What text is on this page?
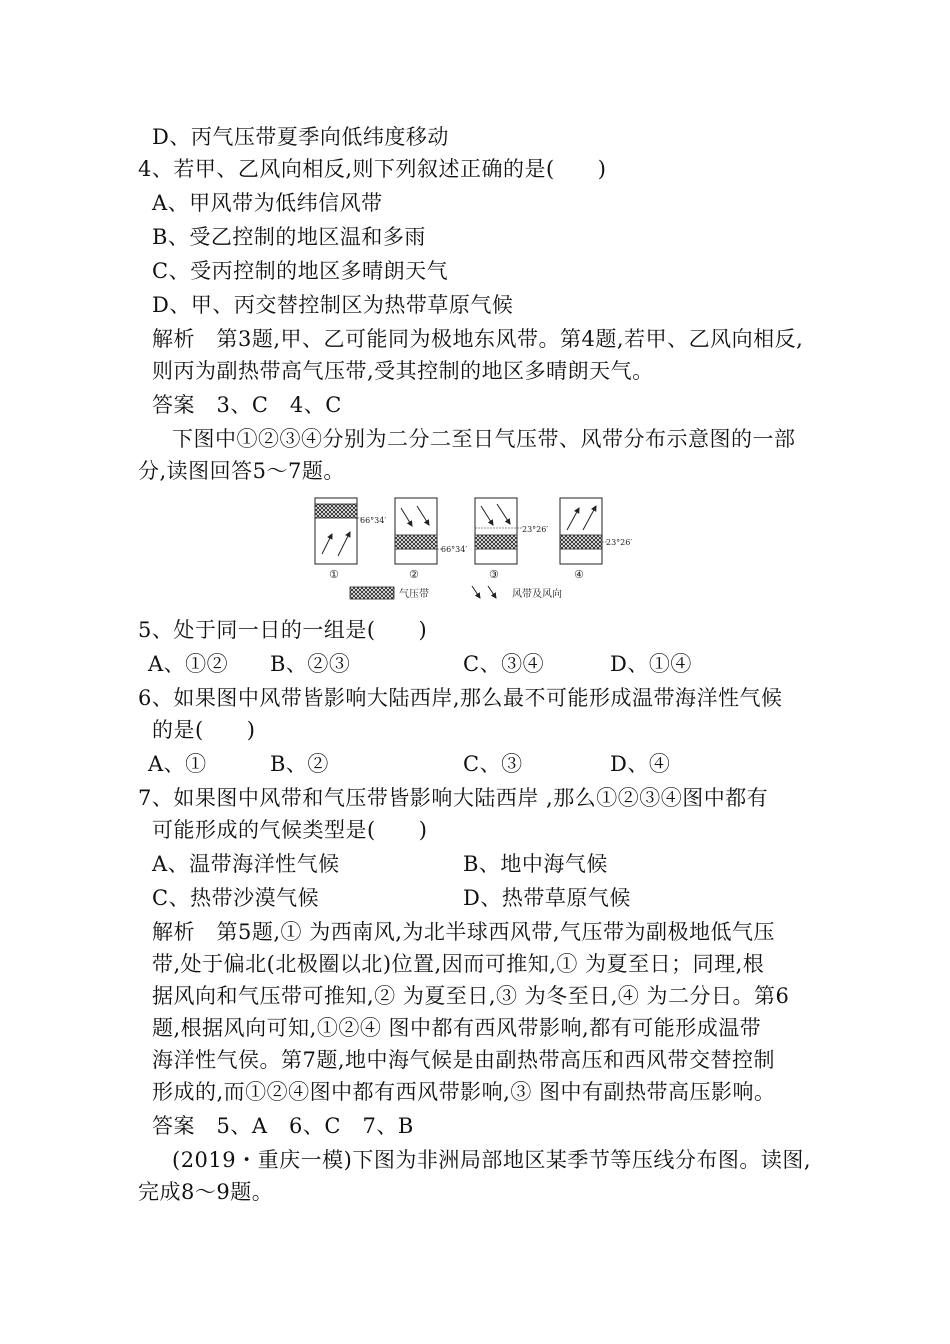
D、丙气压带夏季向低纬度移动
4、若甲、乙风向相反,则下列叙述正确的是(　　)
A、甲风带为低纬信风带
B、受乙控制的地区温和多雨
C、受丙控制的地区多晴朗天气
D、甲、丙交替控制区为热带草原气候
解析　第3题,甲、乙可能同为极地东风带。第4题,若甲、乙风向相反,
则丙为副热带高气压带,受其控制的地区多晴朗天气。
答案　3、C　4、C
下图中①②③④分别为二分二至日气压带、风带分布示意图的一部
分,读图回答5～7题。
66°34′
①
66°34′
②
23°26′
③
23°26′
④
气压带	风带及风向
5、处于同一日的一组是(　　)
A、①② B、②③	C、③④	D、①④
6、如果图中风带皆影响大陆西岸,那么最不可能形成温带海洋性气候
的是(　　)
A、①	B、②	C、③	D、④
7、如果图中风带和气压带皆影响大陆西岸 ,那么①②③④图中都有
可能形成的气候类型是(　　)
A、温带海洋性气候	B、地中海气候
C、热带沙漠气候	D、热带草原气候
解析　第5题,① 为西南风,为北半球西风带,气压带为副极地低气压
带,处于偏北(北极圈以北)位置,因而可推知,① 为夏至日；同理,根
据风向和气压带可推知,② 为夏至日,③ 为冬至日,④ 为二分日。第6
题,根据风向可知,①②④ 图中都有西风带影响,都有可能形成温带
海洋性气侯。第7题,地中海气候是由副热带高压和西风带交替控制
形成的,而①②④图中都有西风带影响,③ 图中有副热带高压影响。
答案　5、A　6、C　7、B
(2019・重庆一模)下图为非洲局部地区某季节等压线分布图。读图,
完成8～9题。
